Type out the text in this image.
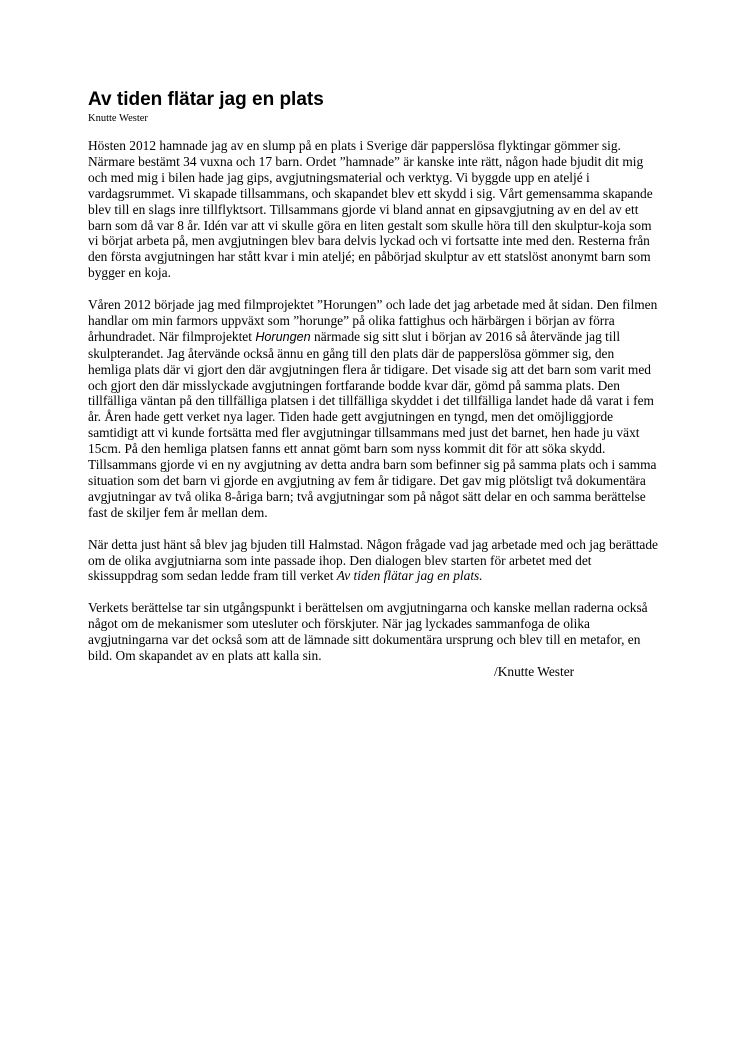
Av tiden flätar jag en plats
Knutte Wester

Hösten 2012 hamnade jag av en slump på en plats i Sverige där papperslösa flyktingar gömmer sig. Närmare bestämt 34 vuxna och 17 barn. Ordet ”hamnade” är kanske inte rätt, någon hade bjudit dit mig och med mig i bilen hade jag gips, avgjutningsmaterial och verktyg. Vi byggde upp en ateljé i vardagsrummet. Vi skapade tillsammans, och skapandet blev ett skydd i sig. Vårt gemensamma skapande blev till en slags inre tillflyktsort. Tillsammans gjorde vi bland annat en gipsavgjutning av en del av ett barn som då var 8 år. Idén var att vi skulle göra en liten gestalt som skulle höra till den skulptur-koja som vi börjat arbeta på, men avgjutningen blev bara delvis lyckad och vi fortsatte inte med den. Resterna från den första avgjutningen har stått kvar i min ateljé; en påbörjad skulptur av ett statslöst anonymt barn som bygger en koja.

Våren 2012 började jag med filmprojektet ”Horungen” och lade det jag arbetade med åt sidan. Den filmen handlar om min farmors uppväxt som ”horunge” på olika fattighus och härbärgen i början av förra århundradet. När filmprojektet Horungen närmade sig sitt slut i början av 2016 så återvände jag till skulpterandet. Jag återvände också ännu en gång till den plats där de papperslösa gömmer sig, den hemliga plats där vi gjort den där avgjutningen flera år tidigare. Det visade sig att det barn som varit med och gjort den där misslyckade avgjutningen fortfarande bodde kvar där, gömd på samma plats. Den tillfälliga väntan på den tillfälliga platsen i det tillfälliga skyddet i det tillfälliga landet hade då varat i fem år. Åren hade gett verket nya lager. Tiden hade gett avgjutningen en tyngd, men det omöjliggjorde samtidigt att vi kunde fortsätta med fler avgjutningar tillsammans med just det barnet, hen hade ju växt 15cm. På den hemliga platsen fanns ett annat gömt barn som nyss kommit dit för att söka skydd. Tillsammans gjorde vi en ny avgjutning av detta andra barn som befinner sig på samma plats och i samma situation som det barn vi gjorde en avgjutning av fem år tidigare. Det gav mig plötsligt två dokumentära avgjutningar av två olika 8-åriga barn; två avgjutningar som på något sätt delar en och samma berättelse fast de skiljer fem år mellan dem.

När detta just hänt så blev jag bjuden till Halmstad. Någon frågade vad jag arbetade med och jag berättade om de olika avgjutniarna som inte passade ihop. Den dialogen blev starten för arbetet med det skissuppdrag som sedan ledde fram till verket Av tiden flätar jag en plats.

Verkets berättelse tar sin utgångspunkt i berättelsen om avgjutningarna och kanske mellan raderna också något om de mekanismer som utesluter och förskjuter. När jag lyckades sammanfoga de olika avgjutningarna var det också som att de lämnade sitt dokumentära ursprung och blev till en metafor, en bild. Om skapandet av en plats att kalla sin.

/Knutte Wester
